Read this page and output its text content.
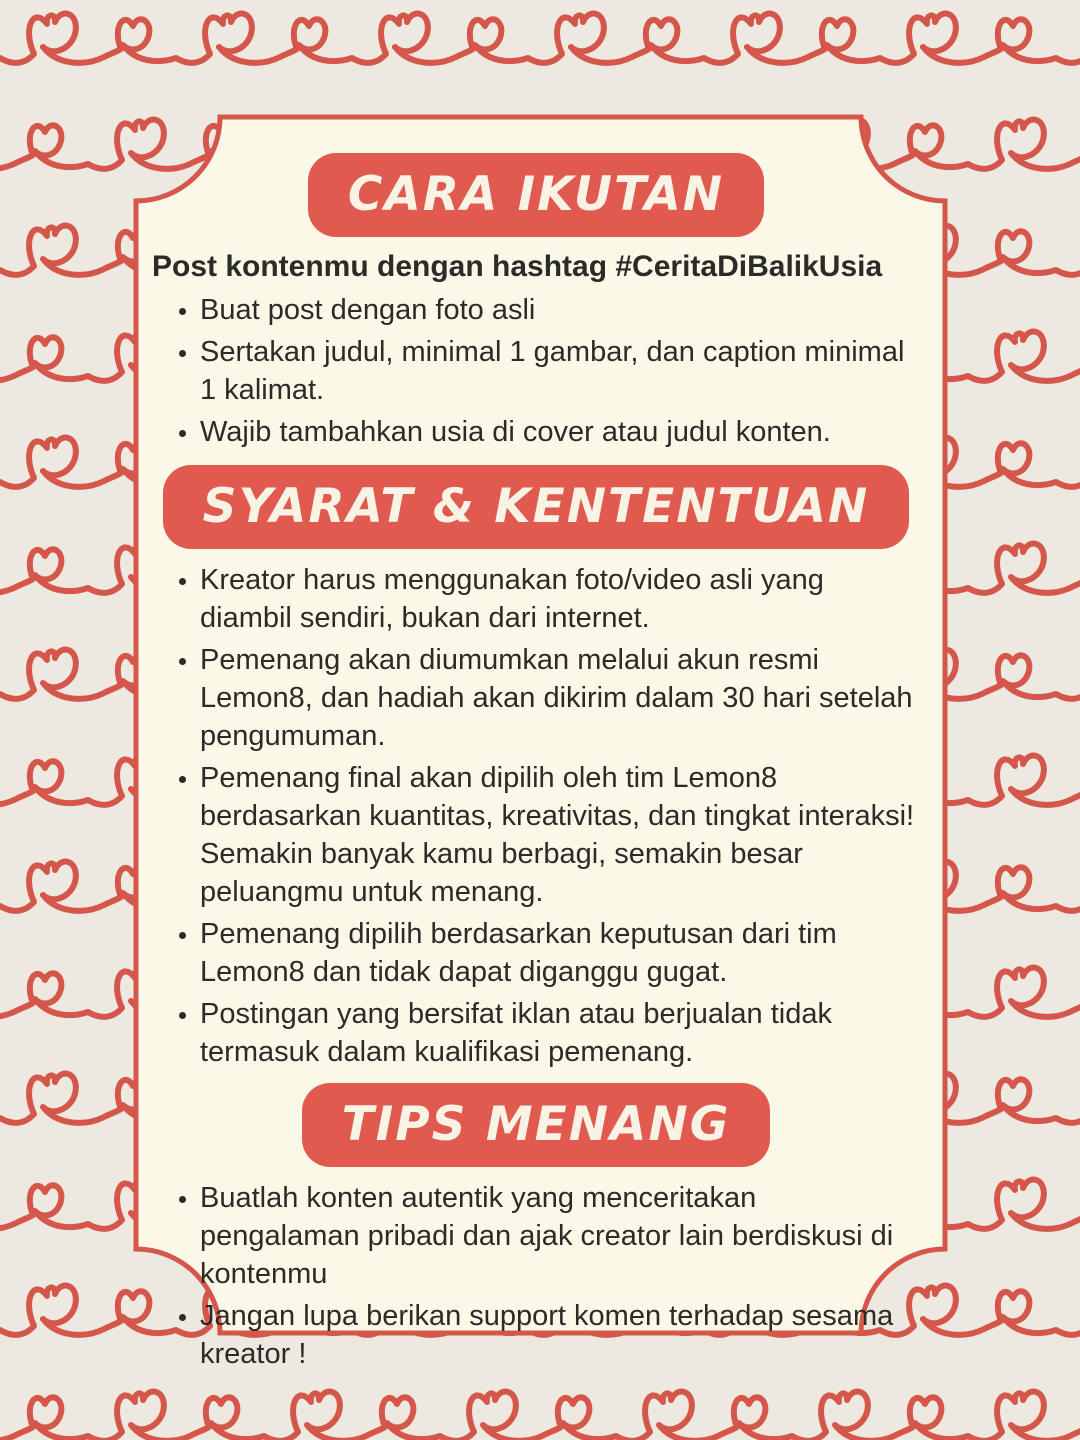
CARA IKUTAN

Post kontenmu dengan hashtag #CeritaDiBalikUsia

• Buat post dengan foto asli
• Sertakan judul, minimal 1 gambar, dan caption minimal 1 kalimat.
• Wajib tambahkan usia di cover atau judul konten.
SYARAT & KENTENTUAN
• Kreator harus menggunakan foto/video asli yang diambil sendiri, bukan dari internet.
• Pemenang akan diumumkan melalui akun resmi Lemon8, dan hadiah akan dikirim dalam 30 hari setelah pengumuman.
• Pemenang final akan dipilih oleh tim Lemon8 berdasarkan kuantitas, kreativitas, dan tingkat interaksi! Semakin banyak kamu berbagi, semakin besar peluangmu untuk menang.
• Pemenang dipilih berdasarkan keputusan dari tim Lemon8 dan tidak dapat diganggu gugat.
• Postingan yang bersifat iklan atau berjualan tidak termasuk dalam kualifikasi pemenang.
TIPS MENANG
• Buatlah konten autentik yang menceritakan pengalaman pribadi dan ajak creator lain berdiskusi di kontenmu
• Jangan lupa berikan support komen terhadap sesama kreator !
